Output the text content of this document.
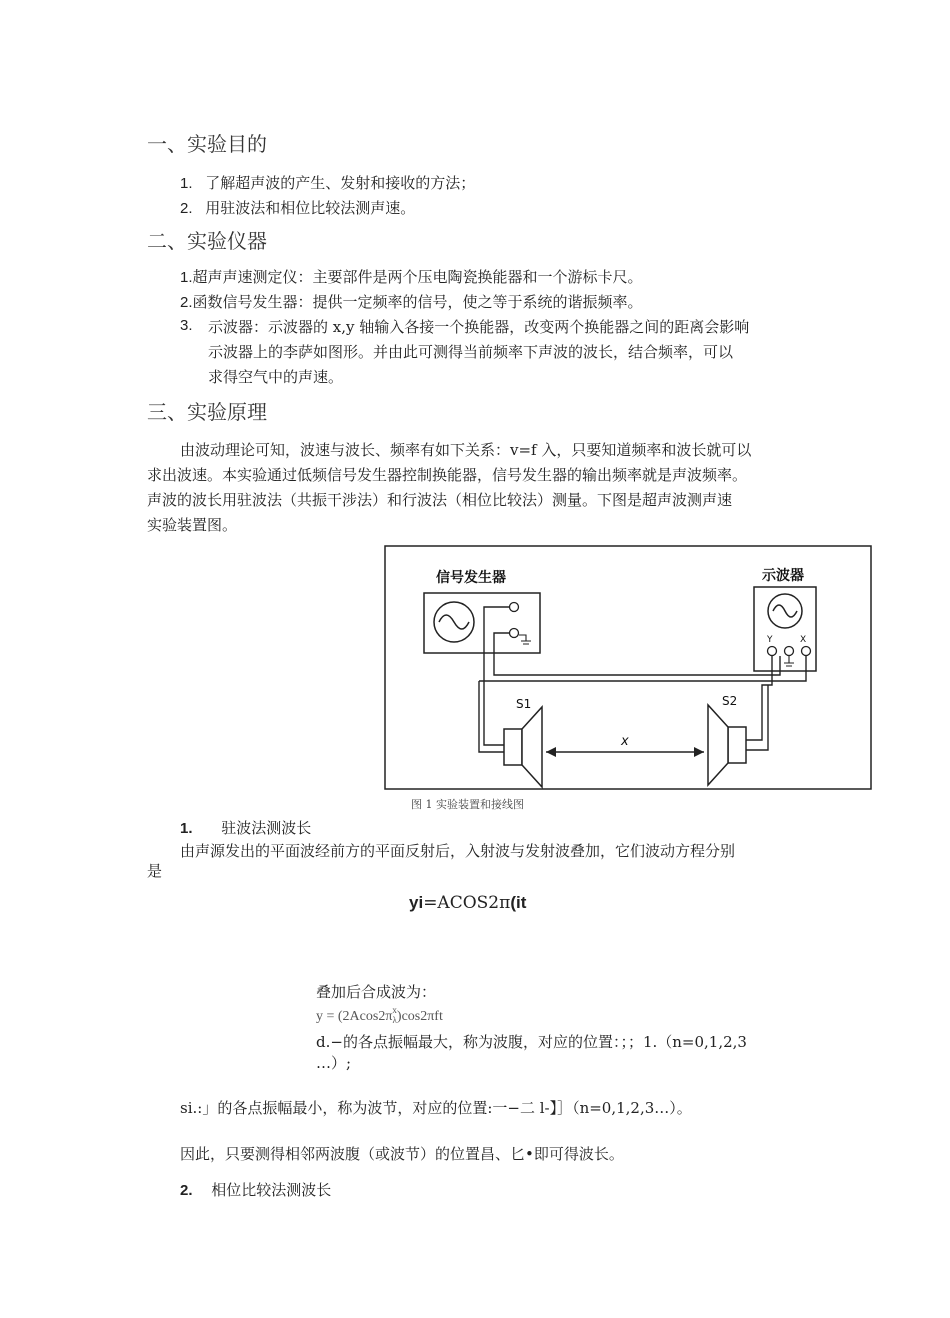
一、实验目的
1. 了解超声波的产生、发射和接收的方法；
2. 用驻波法和相位比较法测声速。
二、实验仪器
1.超声声速测定仪：主要部件是两个压电陶瓷换能器和一个游标卡尺。
2.函数信号发生器：提供一定频率的信号，使之等于系统的谐振频率。
3. 示波器：示波器的 x,y 轴输入各接一个换能器，改变两个换能器之间的距离会影响
示波器上的李萨如图形。并由此可测得当前频率下声波的波长，结合频率，可以
求得空气中的声速。
三、实验原理
由波动理论可知，波速与波长、频率有如下关系：v=f 入，只要知道频率和波长就可以
求出波速。本实验通过低频信号发生器控制换能器，信号发生器的输出频率就是声波频率。
声波的波长用驻波法（共振干涉法）和行波法（相位比较法）测量。下图是超声波测声速
实验装置图。
信号发生器	示波器
Y	X
S1	S2
x
图 1 实验装置和接线图
1. 驻波法测波长
由声源发出的平面波经前方的平面反射后，入射波与发射波叠加，它们波动方程分别
是
yi=ACOS2π(it
叠加后合成波为：
y = (2Acos2π x
λ )cos2πft
d.−的各点振幅最大，称为波腹，对应的位置：；；1.（n=0,1,2,3
…）;
si.:」的各点振幅最小，称为波节，对应的位置:一−二 l-】］（n=0,1,2,3…）。
因此，只要测得相邻两波腹（或波节）的位置昌、匕•即可得波长。
2. 相位比较法测波长
